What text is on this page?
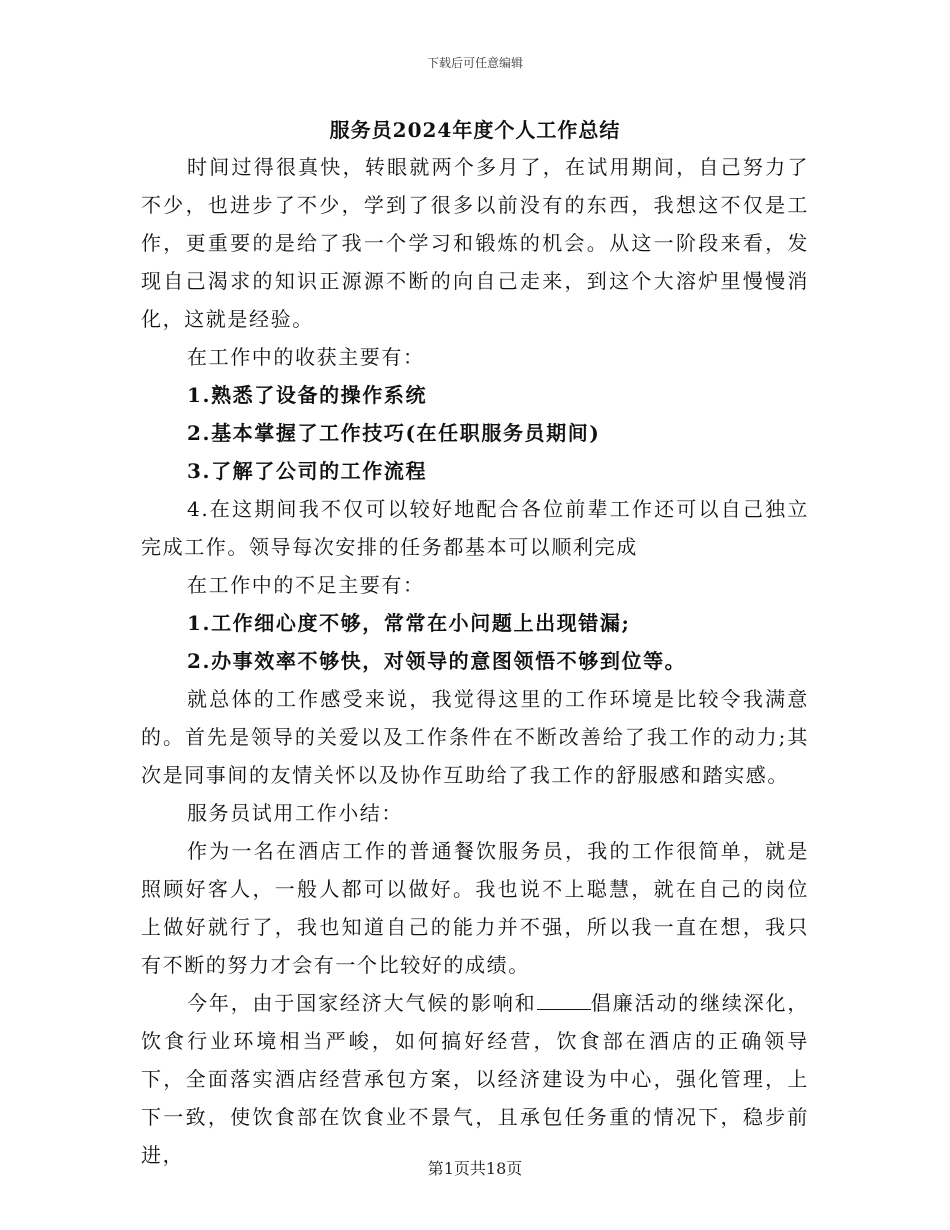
下载后可任意编辑
服务员2024年度个人工作总结

时间过得很真快，转眼就两个多月了，在试用期间，自己努力了不少，也进步了不少，学到了很多以前没有的东西，我想这不仅是工作，更重要的是给了我一个学习和锻炼的机会。从这一阶段来看，发现自己渴求的知识正源源不断的向自己走来，到这个大溶炉里慢慢消化，这就是经验。

在工作中的收获主要有：

1.熟悉了设备的操作系统

2.基本掌握了工作技巧(在任职服务员期间)

3.了解了公司的工作流程

4.在这期间我不仅可以较好地配合各位前辈工作还可以自己独立完成工作。领导每次安排的任务都基本可以顺利完成

在工作中的不足主要有：

1.工作细心度不够，常常在小问题上出现错漏;

2.办事效率不够快，对领导的意图领悟不够到位等。

就总体的工作感受来说，我觉得这里的工作环境是比较令我满意的。首先是领导的关爱以及工作条件在不断改善给了我工作的动力;其次是同事间的友情关怀以及协作互助给了我工作的舒服感和踏实感。

服务员试用工作小结：

作为一名在酒店工作的普通餐饮服务员，我的工作很简单，就是照顾好客人，一般人都可以做好。我也说不上聪慧，就在自己的岗位上做好就行了，我也知道自己的能力并不强，所以我一直在想，我只有不断的努力才会有一个比较好的成绩。

今年，由于国家经济大气候的影响和	倡廉活动的继续深化，饮食行业环境相当严峻，如何搞好经营，饮食部在酒店的正确领导下，全面落实酒店经营承包方案，以经济建设为中心，强化管理，上下一致，使饮食部在饮食业不景气，且承包任务重的情况下，稳步前进，

第1页共18页
